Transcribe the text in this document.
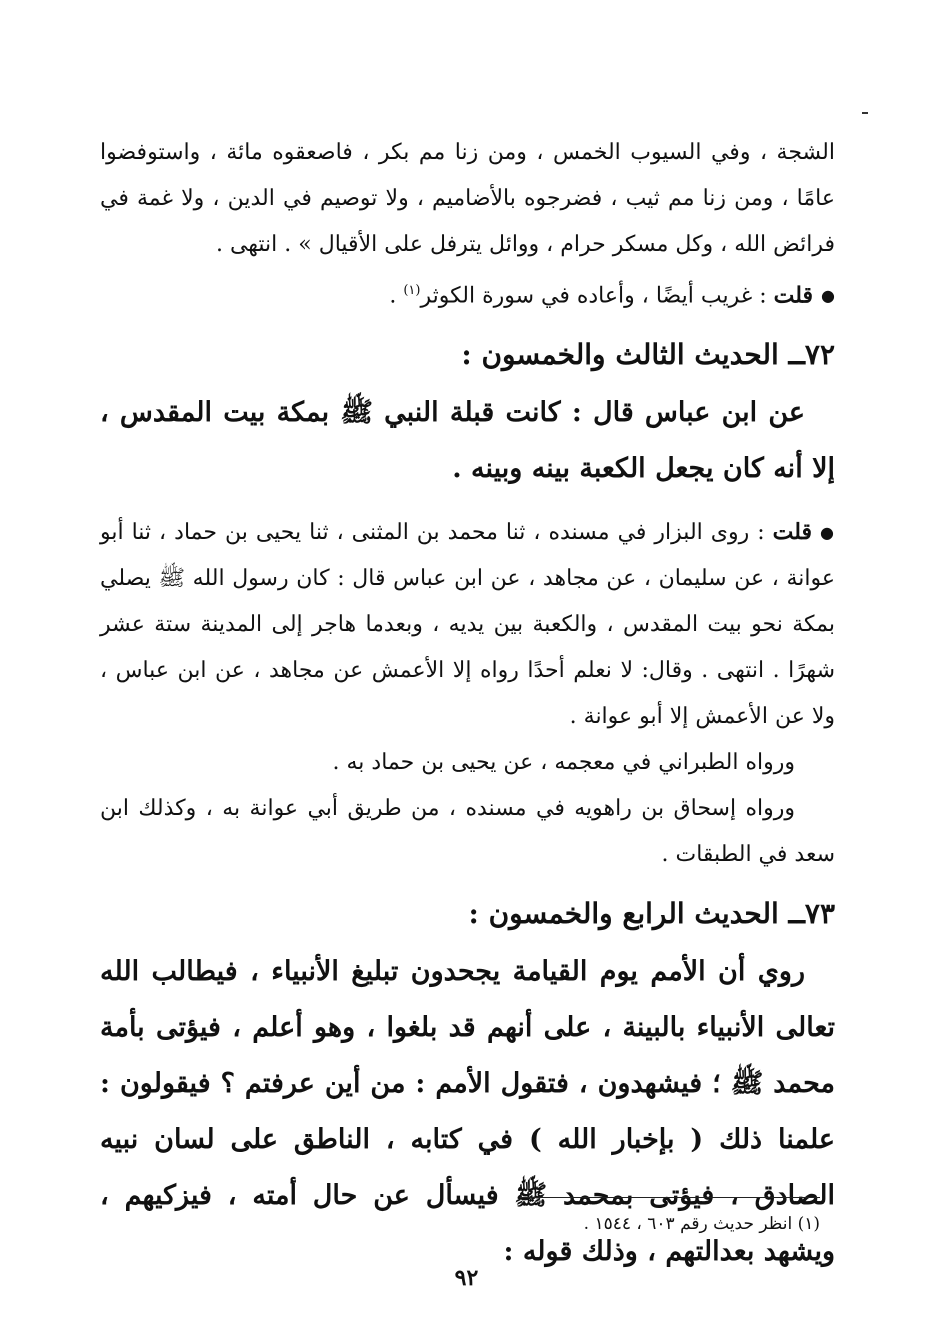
الشجة ، وفي السيوب الخمس ، ومن زنا مم بكر ، فاصعقوه مائة ، واستوفضوا عامًا ، ومن زنا مم ثيب ، فضرجوه بالأضاميم ، ولا توصيم في الدين ، ولا غمة في فرائض الله ، وكل مسكر حرام ، ووائل يترفل على الأقيال » . انتهى .

●قلت : غريب أيضًا ، وأعاده في سورة الكوثر$^{(١)}$ .

٧٢ــ الحديث الثالث والخمسون :

عن ابن عباس قال : كانت قبلة النبي ﷺ بمكة بيت المقدس ، إلا أنه كان يجعل الكعبة بينه وبينه .

●قلت : روى البزار في مسنده ، ثنا محمد بن المثنى ، ثنا يحيى بن حماد ، ثنا أبو عوانة ، عن سليمان ، عن مجاهد ، عن ابن عباس قال : كان رسول الله ﷺ يصلي بمكة نحو بيت المقدس ، والكعبة بين يديه ، وبعدما هاجر إلى المدينة ستة عشر شهرًا . انتهى . وقال: لا نعلم أحدًا رواه إلا الأعمش عن مجاهد ، عن ابن عباس ، ولا عن الأعمش إلا أبو عوانة .

ورواه الطبراني في معجمه ، عن يحيى بن حماد به .

ورواه إسحاق بن راهويه في مسنده ، من طريق أبي عوانة به ، وكذلك ابن سعد في الطبقات .

٧٣ــ الحديث الرابع والخمسون :

روي أن الأمم يوم القيامة يجحدون تبليغ الأنبياء ، فيطالب الله تعالى الأنبياء بالبينة ، على أنهم قد بلغوا ، وهو أعلم ، فيؤتى بأمة محمد ﷺ ؛ فيشهدون ، فتقول الأمم : من أين عرفتم ؟ فيقولون : علمنا ذلك ( بإخبار الله ) في كتابه ، الناطق على لسان نبيه الصادق ، فيؤتى بمحمد ﷺ فيسأل عن حال أمته ، فيزكيهم ، ويشهد بعدالتهم ، وذلك قوله :

(١) انظر حديث رقم ٦٠٣ ، ١٥٤٤ .
٩٢
